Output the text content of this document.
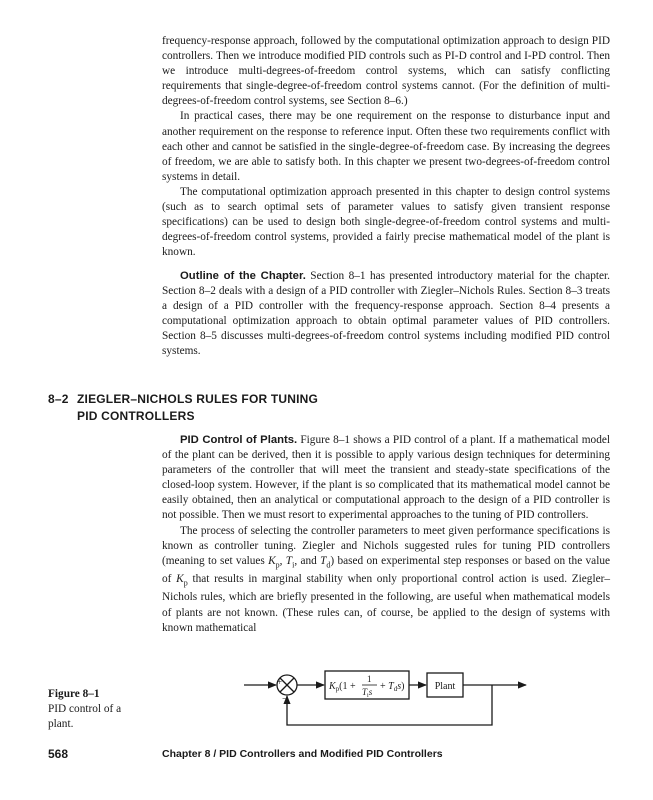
frequency-response approach, followed by the computational optimization approach to design PID controllers. Then we introduce modified PID controls such as PI-D control and I-PD control. Then we introduce multi-degrees-of-freedom control systems, which can satisfy conflicting requirements that single-degree-of-freedom control systems cannot. (For the definition of multi-degrees-of-freedom control systems, see Section 8–6.)

In practical cases, there may be one requirement on the response to disturbance input and another requirement on the response to reference input. Often these two requirements conflict with each other and cannot be satisfied in the single-degree-of-freedom case. By increasing the degrees of freedom, we are able to satisfy both. In this chapter we present two-degrees-of-freedom control systems in detail.

The computational optimization approach presented in this chapter to design control systems (such as to search optimal sets of parameter values to satisfy given transient response specifications) can be used to design both single-degree-of-freedom control systems and multi-degrees-of-freedom control systems, provided a fairly precise mathematical model of the plant is known.

Outline of the Chapter. Section 8–1 has presented introductory material for the chapter. Section 8–2 deals with a design of a PID controller with Ziegler–Nichols Rules. Section 8–3 treats a design of a PID controller with the frequency-response approach. Section 8–4 presents a computational optimization approach to obtain optimal parameter values of PID controllers. Section 8–5 discusses multi-degrees-of-freedom control systems including modified PID control systems.

8–2 ZIEGLER–NICHOLS RULES FOR TUNING
PID CONTROLLERS

PID Control of Plants. Figure 8–1 shows a PID control of a plant. If a mathematical model of the plant can be derived, then it is possible to apply various design techniques for determining parameters of the controller that will meet the transient and steady-state specifications of the closed-loop system. However, if the plant is so complicated that its mathematical model cannot be easily obtained, then an analytical or computational approach to the design of a PID controller is not possible. Then we must resort to experimental approaches to the tuning of PID controllers.

The process of selecting the controller parameters to meet given performance specifications is known as controller tuning. Ziegler and Nichols suggested rules for tuning PID controllers (meaning to set values $K_p$, $T_i$, and $T_d$) based on experimental step responses or based on the value of $K_p$ that results in marginal stability when only proportional control action is used. Ziegler–Nichols rules, which are briefly presented in the following, are useful when mathematical models of plants are not known. (These rules can, of course, be applied to the design of systems with known mathematical

Figure 8–1
PID control of a plant.
+
−
$K_p(1$ +
1
$T_is + T_ds$)	Plant
568	Chapter 8 / PID Controllers and Modified PID Controllers
